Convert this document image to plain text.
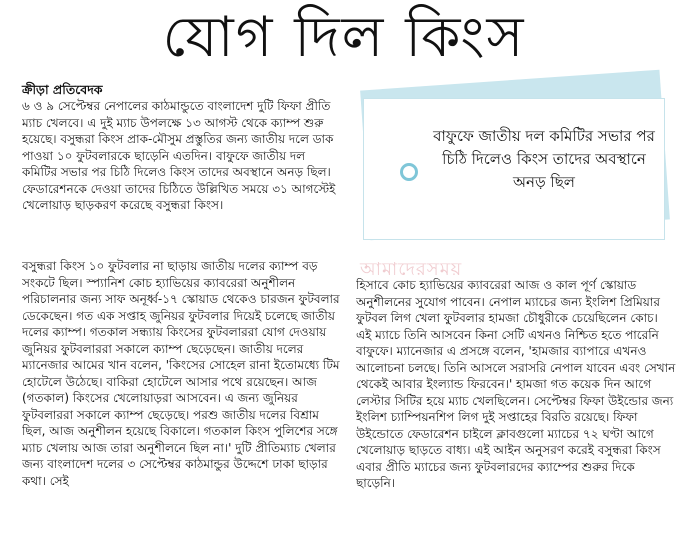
যোগ দিল কিংস
ক্রীড়া প্রতিবেদক

৬ ও ৯ সেপ্টেম্বর নেপালের কাঠমান্ডুতে বাংলাদেশ দুটি ফিফা প্রীতি ম্যাচ খেলবে। এ দুই ম্যাচ উপলক্ষে ১৩ আগস্ট থেকে ক্যাম্প শুরু হয়েছে। বসুন্ধরা কিংস প্রাক-মৌসুম প্রস্তুতির জন্য জাতীয় দলে ডাক পাওয়া ১০ ফুটবলারকে ছাড়েনি এতদিন। বাফুফে জাতীয় দল কমিটির সভার পর চিঠি দিলেও কিংস তাদের অবস্থানে অনড় ছিল। ফেডারেশনকে দেওয়া তাদের চিঠিতে উল্লিখিত সময়ে ৩১ আগস্টেই খেলোয়াড় ছাড়করণ করেছে বসুন্ধরা কিংস।

বসুন্ধরা কিংস ১০ ফুটবলার না ছাড়ায় জাতীয় দলের ক্যাম্প বড় সংকটে ছিল। স্প্যানিশ কোচ হ্যাভিয়ের ক্যাবরেরা অনুশীলন পরিচালনার জন্য সাফ অনূর্ধ্ব-১৭ স্কোয়াড থেকেও চারজন ফুটবলার ডেকেছেন। গত এক সপ্তাহ জুনিয়র ফুটবলার দিয়েই চলেছে জাতীয় দলের ক্যাম্প। গতকাল সন্ধ্যায় কিংসের ফুটবলাররা যোগ দেওয়ায় জুনিয়র ফুটবলাররা সকালে ক্যাম্প ছেড়েছেন। জাতীয় দলের ম্যানেজার আমের খান বলেন, 'কিংসের সোহেল রানা ইতোমধ্যে টিম হোটেলে উঠেছে। বাকিরা হোটেলে আসার পথে রয়েছেন। আজ (গতকাল) কিংসের খেলোয়াড়রা আসবেন। এ জন্য জুনিয়র ফুটবলাররা সকালে ক্যাম্প ছেড়েছে। পরশু জাতীয় দলের বিশ্রাম ছিল, আজ অনুশীলন হয়েছে বিকালে। গতকাল কিংস পুলিশের সঙ্গে ম্যাচ খেলায় আজ তারা অনুশীলনে ছিল না।' দুটি প্রীতিম্যাচ খেলার জন্য বাংলাদেশ দলের ৩ সেপ্টেম্বর কাঠমান্ডুর উদ্দেশে ঢাকা ছাড়ার কথা। সেই

বাফুফে জাতীয় দল কমিটির সভার পর চিঠি দিলেও কিংস তাদের অবস্থানে অনড় ছিল
আমাদেরসময়

হিসাবে কোচ হ্যাভিয়ের ক্যাবরেরা আজ ও কাল পূর্ণ স্কোয়াড অনুশীলনের সুযোগ পাবেন। নেপাল ম্যাচের জন্য ইংলিশ প্রিমিয়ার ফুটবল লিগ খেলা ফুটবলার হামজা চৌধুরীকে চেয়েছিলেন কোচ। এই ম্যাচে তিনি আসবেন কিনা সেটি এখনও নিশ্চিত হতে পারেনি বাফুফে। ম্যানেজার এ প্রসঙ্গে বলেন, 'হামজার ব্যাপারে এখনও আলোচনা চলছে। তিনি আসলে সরাসরি নেপাল যাবেন এবং সেখান থেকেই আবার ইংল্যান্ড ফিরবেন।' হামজা গত কয়েক দিন আগে লেস্টার সিটির হয়ে ম্যাচ খেলছিলেন। সেপ্টেম্বর ফিফা উইন্ডোর জন্য ইংলিশ চ্যাম্পিয়নশিপ লিগ দুই সপ্তাহের বিরতি রয়েছে। ফিফা উইন্ডোতে ফেডারেশন চাইলে ক্লাবগুলো ম্যাচের ৭২ ঘণ্টা আগে খেলোয়াড় ছাড়তে বাধ্য। এই আইন অনুসরণ করেই বসুন্ধরা কিংস এবার প্রীতি ম্যাচের জন্য ফুটবলারদের ক্যাম্পের শুরুর দিকে ছাড়েনি।
